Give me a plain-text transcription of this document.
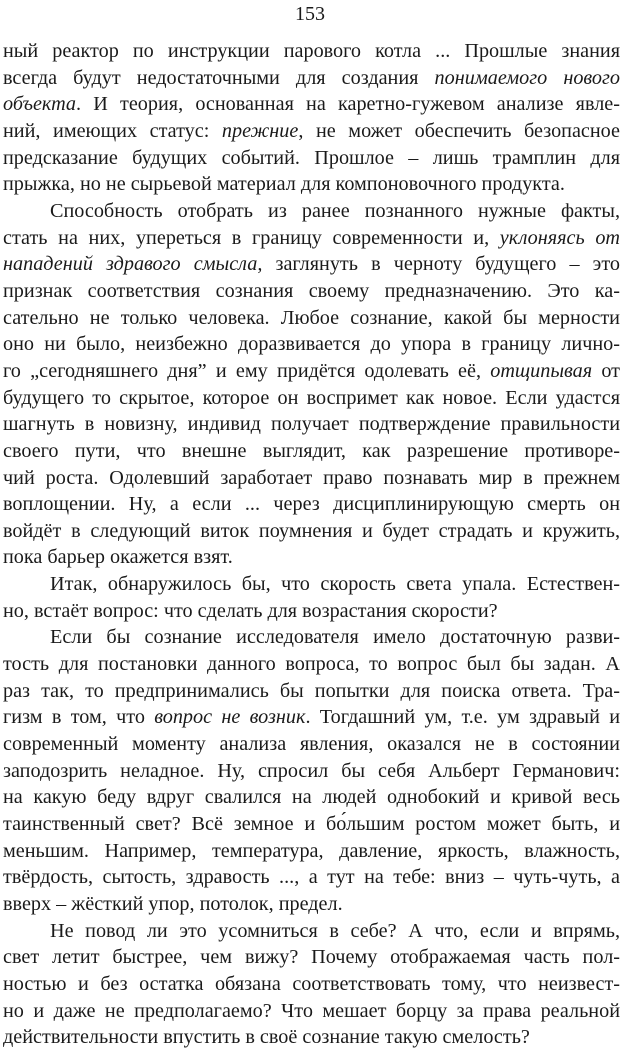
153
ный реактор по инструкции парового котла ... Прошлые знания
всегда будут недостаточными для создания понимаемого нового
объекта. И теория, основанная на каретно-гужевом анализе явле-
ний, имеющих статус: прежние, не может обеспечить безопасное
предсказание будущих событий. Прошлое – лишь трамплин для
прыжка, но не сырьевой материал для компоновочного продукта.
Способность отобрать из ранее познанного нужные факты,
стать на них, упереться в границу современности и, уклоняясь от
нападений здравого смысла, заглянуть в черноту будущего – это
признак соответствия сознания своему предназначению. Это ка-
сательно не только человека. Любое сознание, какой бы мерности
оно ни было, неизбежно доразвивается до упора в границу лично-
го „сегодняшнего дня” и ему придётся одолевать её, отщипывая от
будущего то скрытое, которое он воспримет как новое. Если удастся
шагнуть в новизну, индивид получает подтверждение правильности
своего пути, что внешне выглядит, как разрешение противоре-
чий роста. Одолевший заработает право познавать мир в прежнем
воплощении. Ну, а если ... через дисциплинирующую смерть он
войдёт в следующий виток поумнения и будет страдать и кружить,
пока барьер окажется взят.
Итак, обнаружилось бы, что скорость света упала. Естествен-
но, встаёт вопрос: что сделать для возрастания скорости?
Если бы сознание исследователя имело достаточную разви-
тость для постановки данного вопроса, то вопрос был бы задан. А
раз так, то предпринимались бы попытки для поиска ответа. Тра-
гизм в том, что вопрос не возник. Тогдашний ум, т.е. ум здравый и
современный моменту анализа явления, оказался не в состоянии
заподозрить неладное. Ну, спросил бы себя Альберт Германович:
на какую беду вдруг свалился на людей однобокий и кривой весь
таинственный свет? Всё земное и бо́льшим ростом может быть, и
меньшим. Например, температура, давление, яркость, влажность,
твёрдость, сытость, здравость ..., а тут на тебе: вниз – чуть-чуть, а
вверх – жёсткий упор, потолок, предел.
Не повод ли это усомниться в себе? А что, если и впрямь,
свет летит быстрее, чем вижу? Почему отображаемая часть пол-
ностью и без остатка обязана соответствовать тому, что неизвест-
но и даже не предполагаемо? Что мешает борцу за права реальной
действительности впустить в своё сознание такую смелость?
